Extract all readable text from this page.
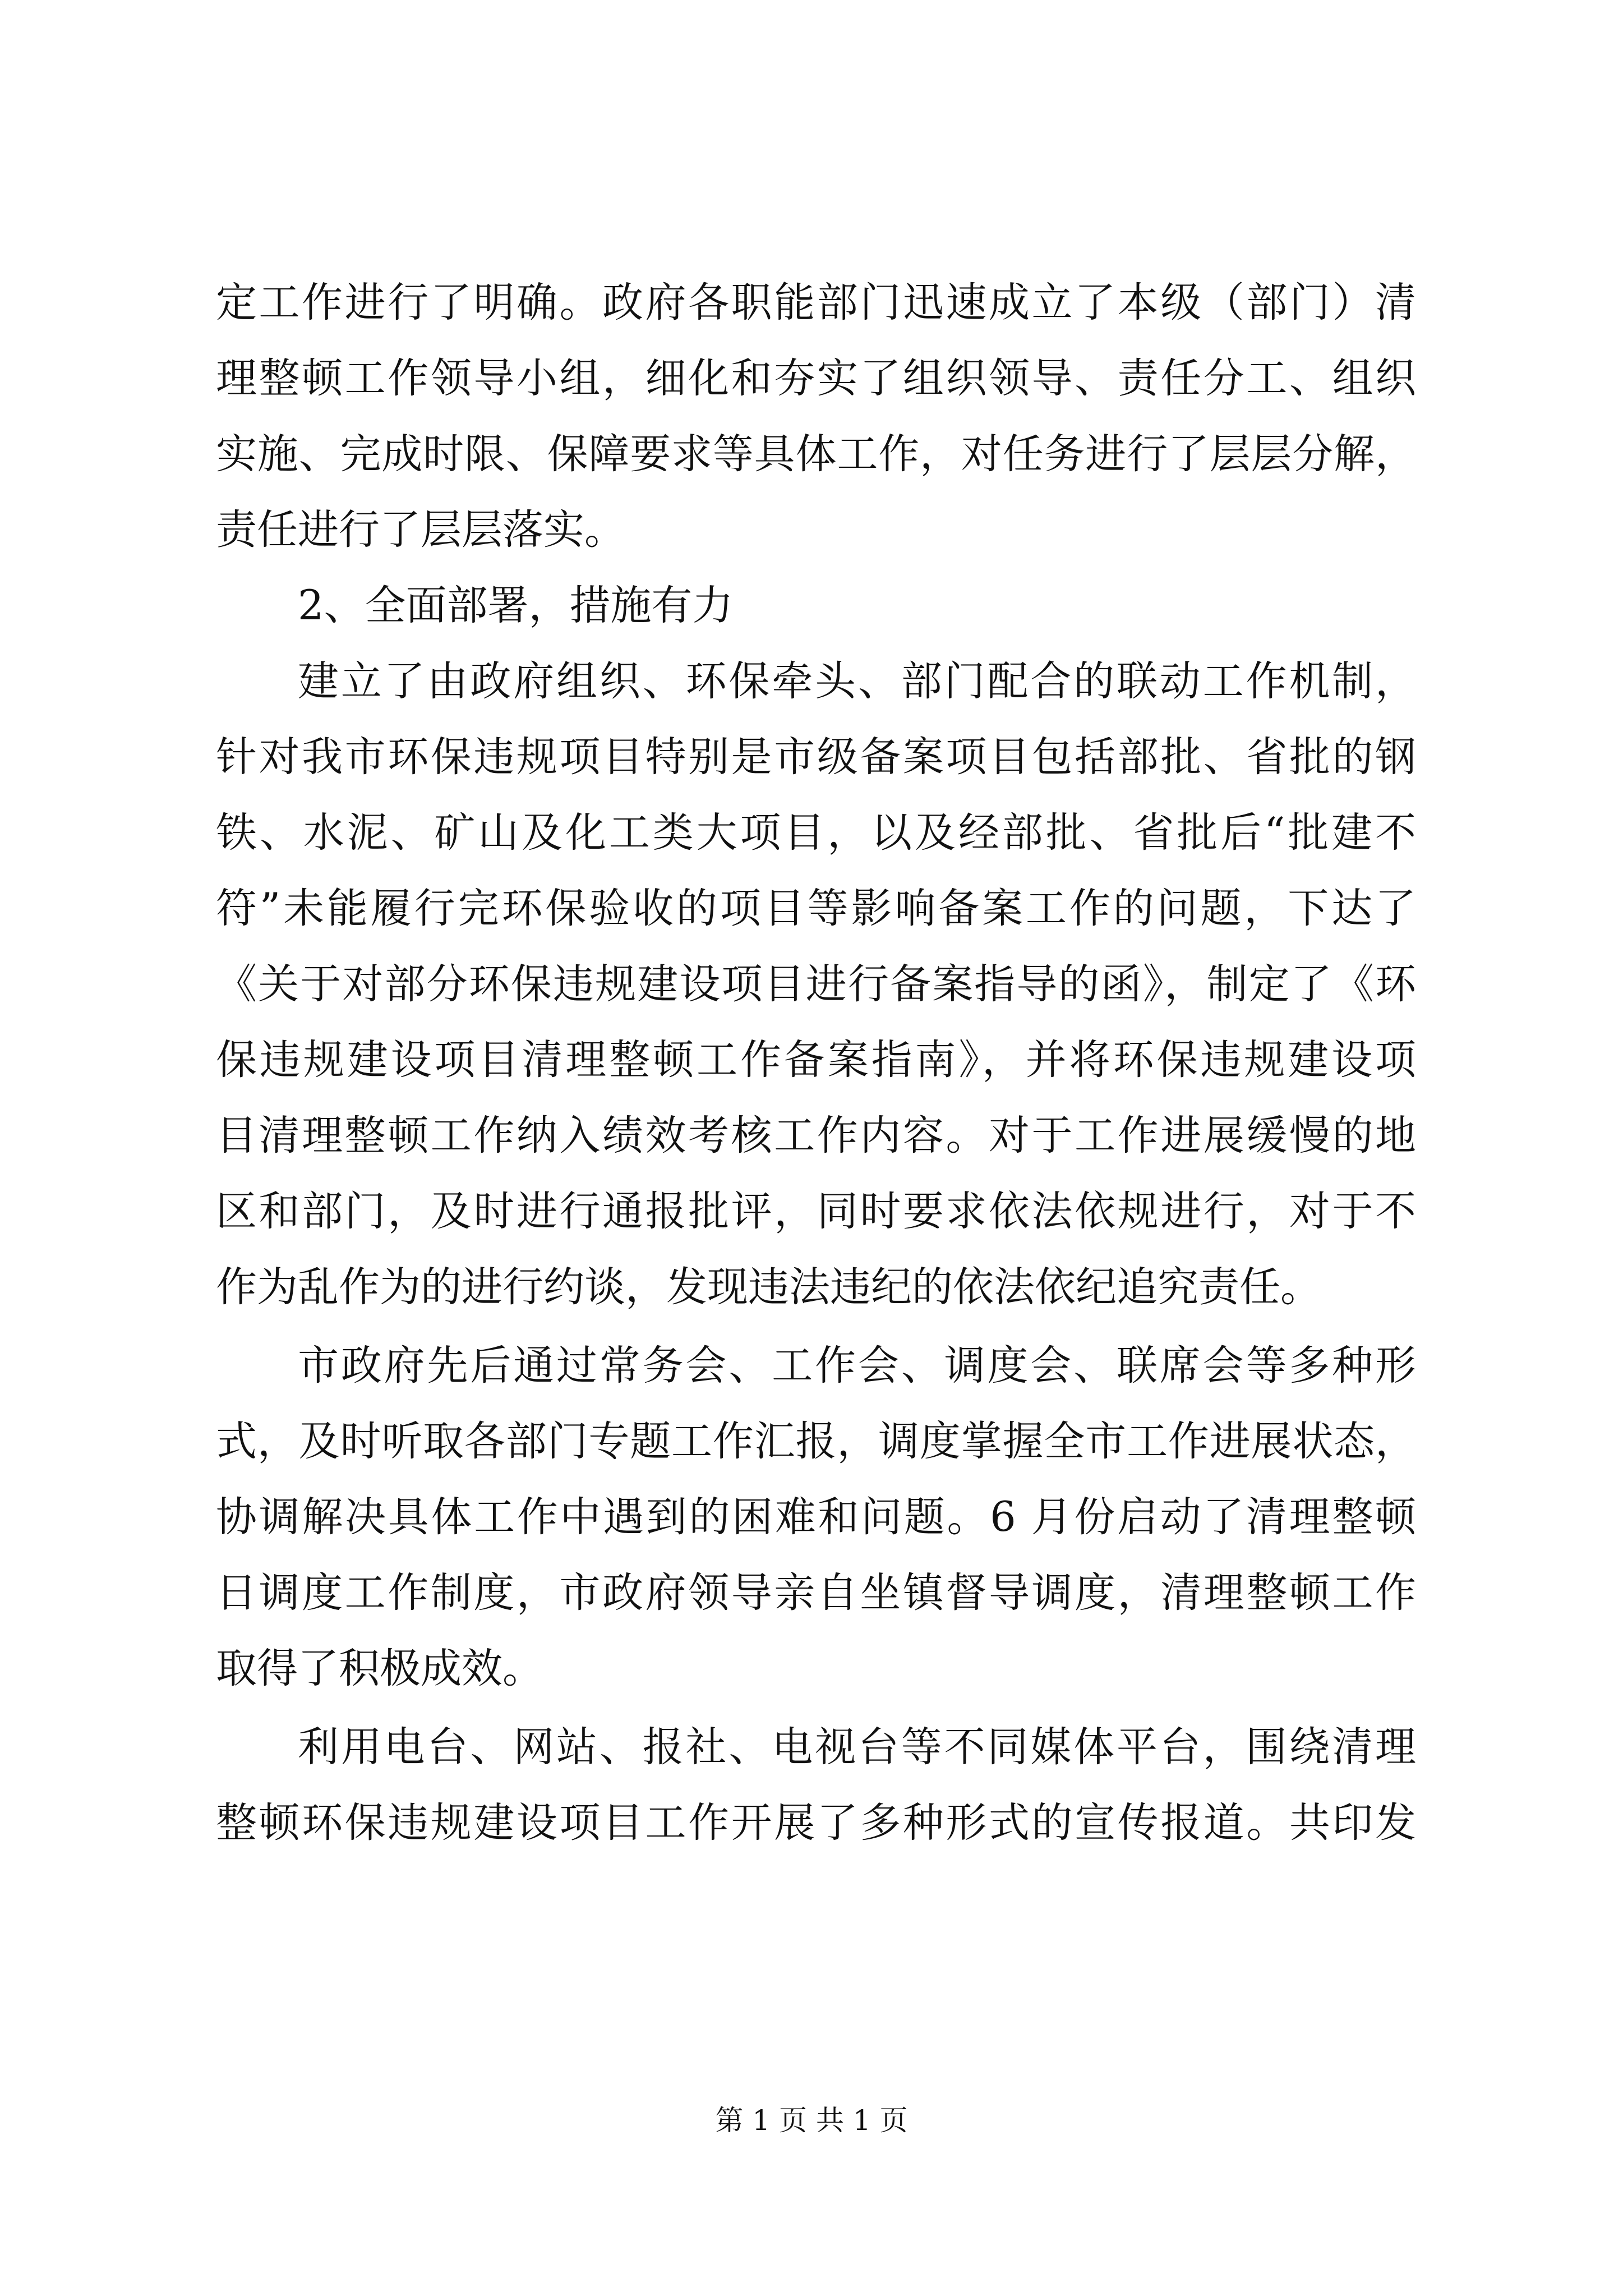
定工作进行了明确。政府各职能部门迅速成立了本级（部门）清
理整顿工作领导小组，细化和夯实了组织领导、责任分工、组织
实施、完成时限、保障要求等具体工作，对任务进行了层层分解，
责任进行了层层落实。
2、全面部署，措施有力
建立了由政府组织、环保牵头、部门配合的联动工作机制，
针对我市环保违规项目特别是市级备案项目包括部批、省批的钢
铁、水泥、矿山及化工类大项目，以及经部批、省批后“批建不
符”未能履行完环保验收的项目等影响备案工作的问题，下达了
《关于对部分环保违规建设项目进行备案指导的函》，制定了《环
保违规建设项目清理整顿工作备案指南》，并将环保违规建设项
目清理整顿工作纳入绩效考核工作内容。对于工作进展缓慢的地
区和部门，及时进行通报批评，同时要求依法依规进行，对于不
作为乱作为的进行约谈，发现违法违纪的依法依纪追究责任。
市政府先后通过常务会、工作会、调度会、联席会等多种形
式，及时听取各部门专题工作汇报，调度掌握全市工作进展状态，
协调解决具体工作中遇到的困难和问题。6 月份启动了清理整顿
日调度工作制度，市政府领导亲自坐镇督导调度，清理整顿工作
取得了积极成效。
利用电台、网站、报社、电视台等不同媒体平台，围绕清理
整顿环保违规建设项目工作开展了多种形式的宣传报道。共印发
第 1 页 共 1 页
